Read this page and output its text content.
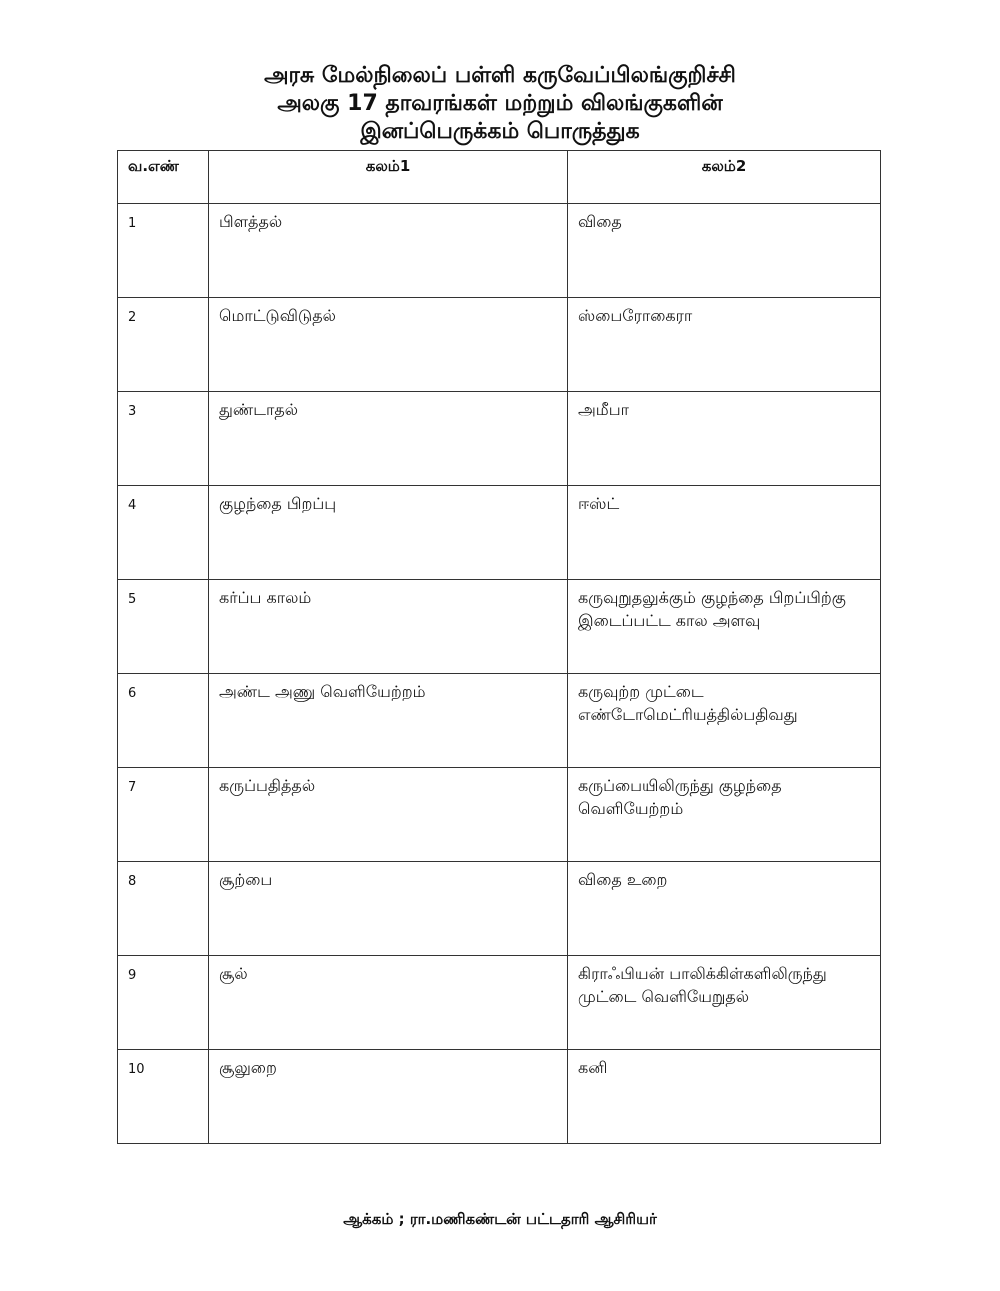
அரசு மேல்நிலைப் பள்ளி கருவேப்பிலங்குறிச்சி
அலகு 17 தாவரங்கள் மற்றும் விலங்குகளின்
இனப்பெருக்கம் பொருத்துக
வ.எண்	கலம்1	கலம்2
1	பிளத்தல்	விதை
2	மொட்டுவிடுதல்	ஸ்பைரோகைரா
3	துண்டாதல்	அமீபா
4	குழந்தை பிறப்பு	ஈஸ்ட்
5	கர்ப்ப காலம்	கருவுறுதலுக்கும் குழந்தை பிறப்பிற்கு இடைப்பட்ட கால அளவு
6	அண்ட அணு வெளியேற்றம்	கருவுற்ற முட்டை எண்டோமெட்ரியத்தில்பதிவது
7	கருப்பதித்தல்	கருப்பையிலிருந்து குழந்தை வெளியேற்றம்
8	சூற்பை	விதை உறை
9	சூல்	கிராஃபியன் பாலிக்கிள்களிலிருந்து முட்டை வெளியேறுதல்
10	சூலுறை	கனி
ஆக்கம் ; ரா.மணிகண்டன் பட்டதாரி ஆசிரியர்
